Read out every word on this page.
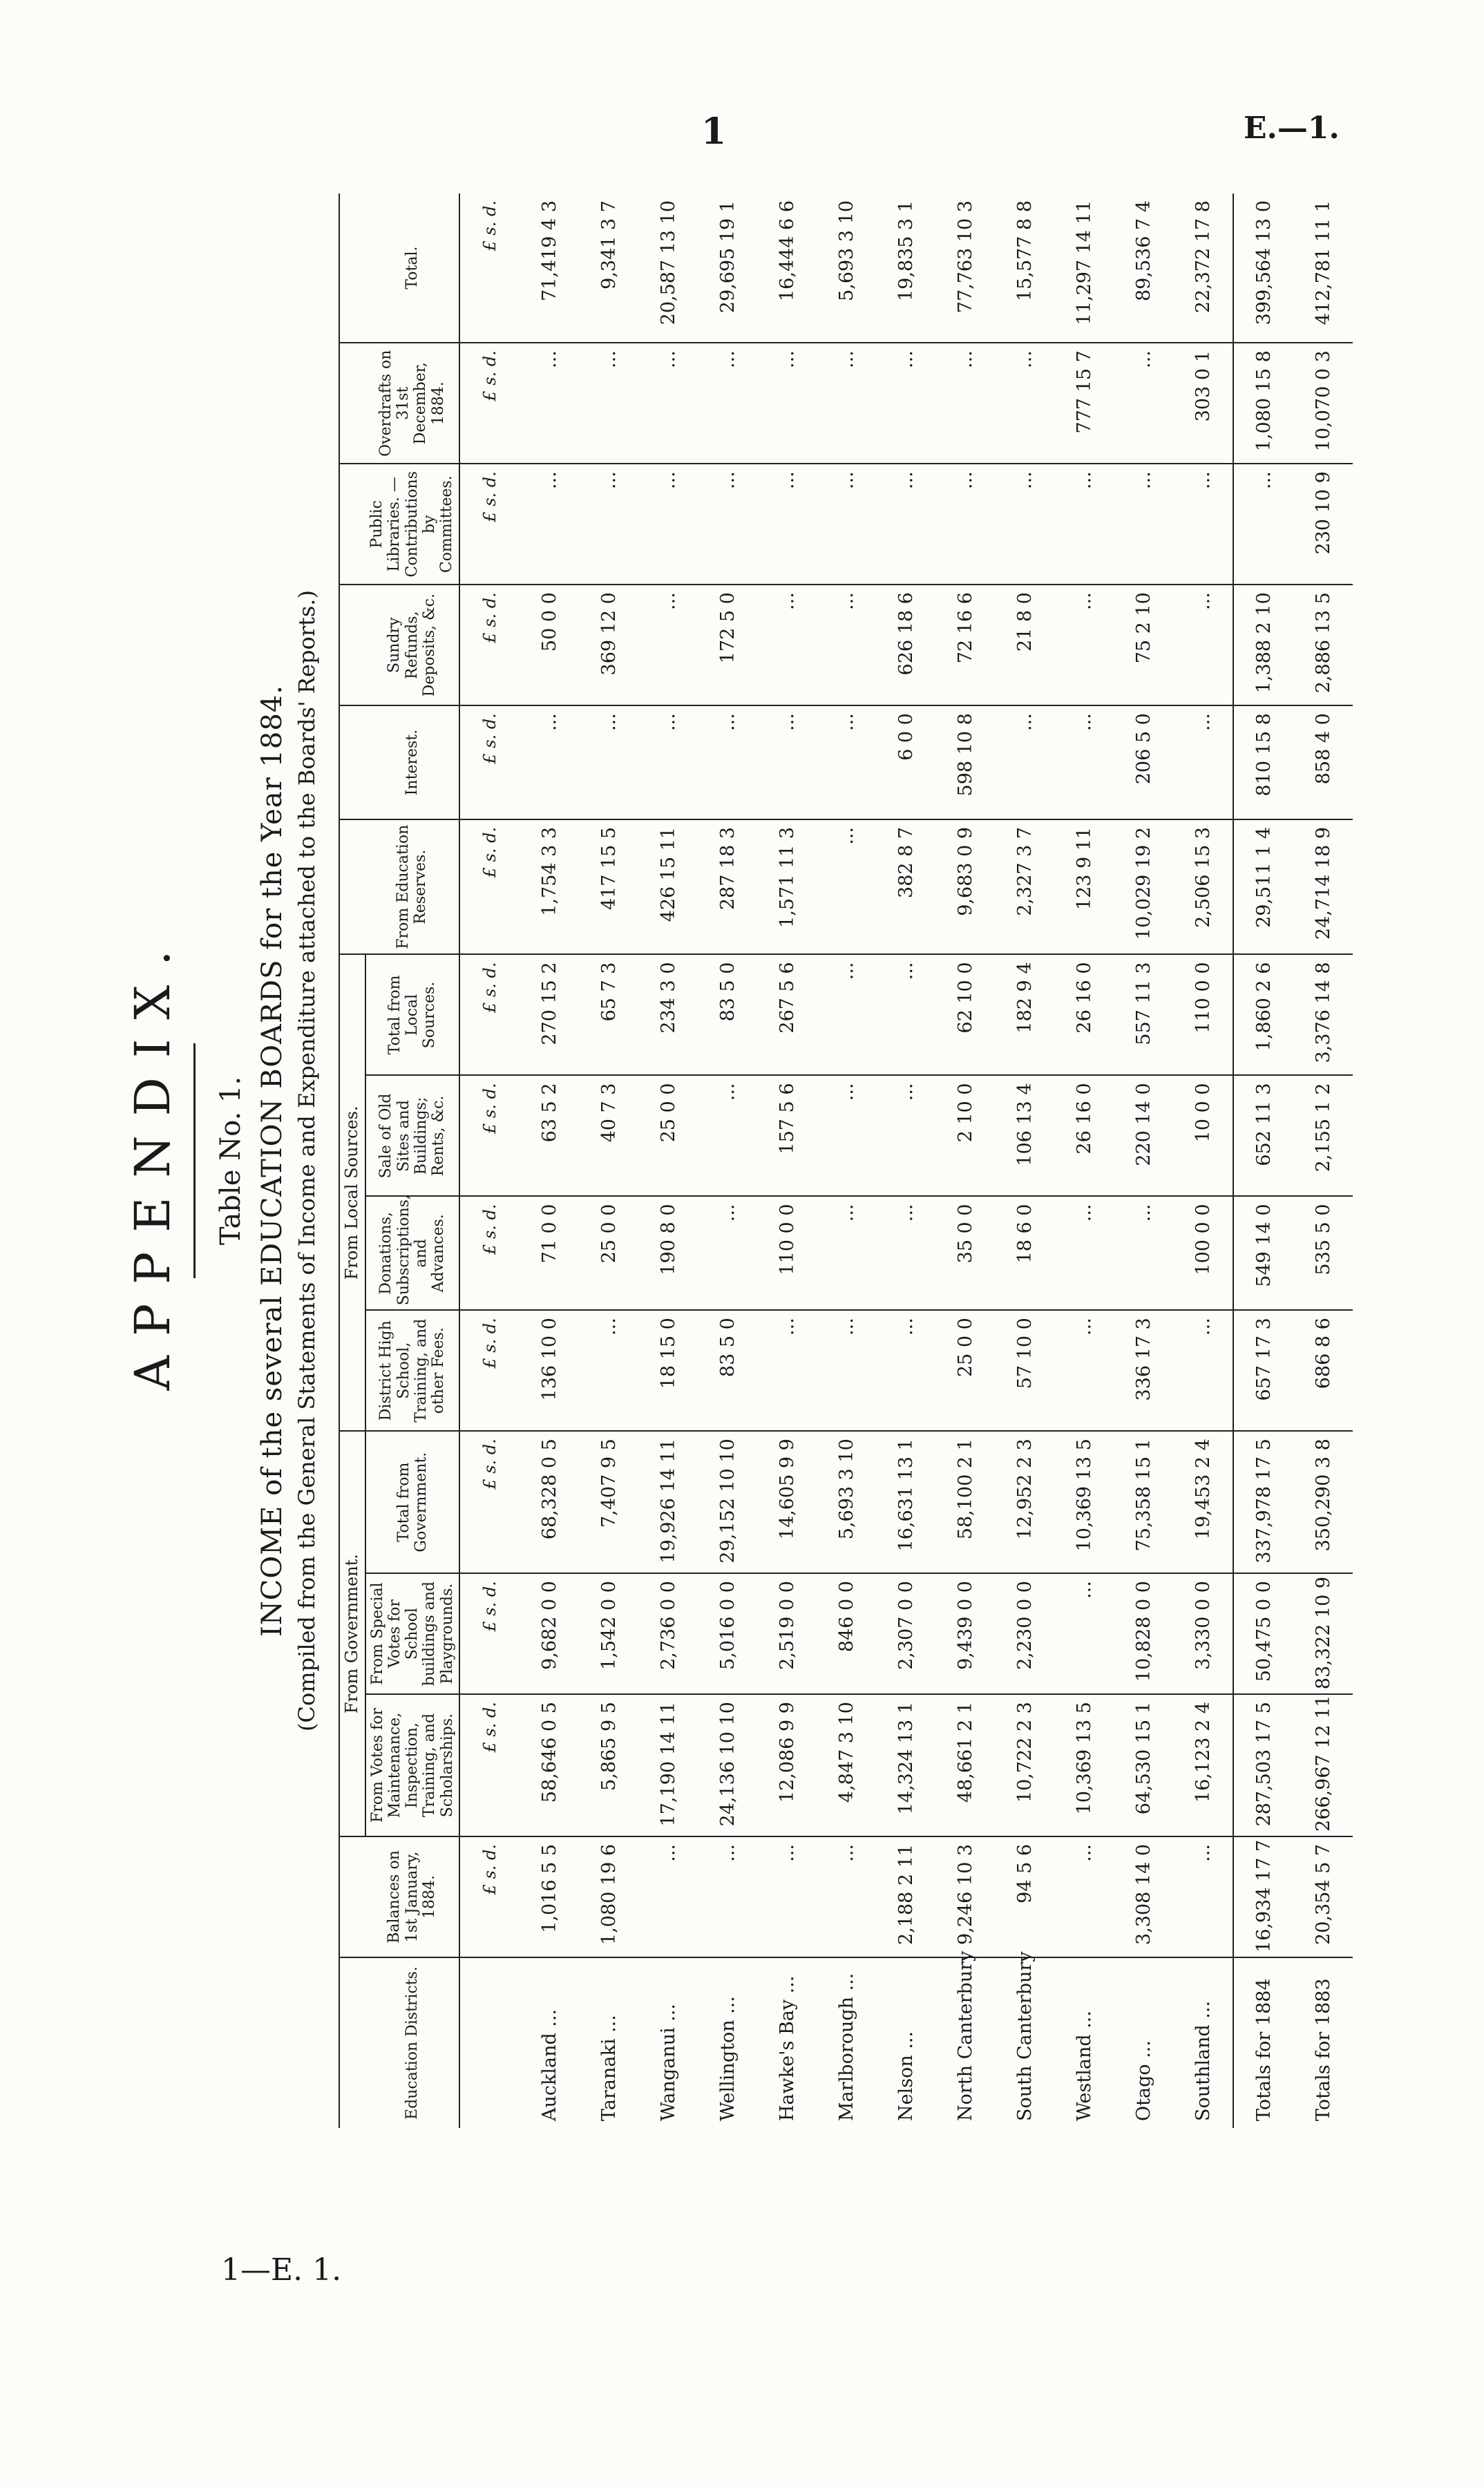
1	E.—1.
1—E. 1.
APPENDIX. Table No. 1. INCOME of the several EDUCATION BOARDS for the Year 1884. (Compiled from the General Statements of Income and Expenditure attached to the Boards' Reports.)
		From Government.			From Local Sources.									
Education Districts.	Balances on 1st January, 1884.	From Votes for Maintenance, Inspection, Training, and Scholarships.	From Special Votes for School buildings and Playgrounds.	Total from Government.	District High School, Training, and other Fees.	Donations, Subscriptions, and Advances.	Sale of Old Sites and Buildings; Rents, &c.	Total from Local Sources.	From Education Reserves.	Interest.	Sundry Refunds, Deposits, &c.	Public Libraries. — Contributions by Committees.	Overdrafts on 31st December, 1884.	Total.
	£ s. d.	£ s. d.	£ s. d.	£ s. d.	£ s. d.	£ s. d.	£ s. d.	£ s. d.	£ s. d.	£ s. d.	£ s. d.	£ s. d.	£ s. d.	£ s. d.
Auckland ...	1,016 5 5	58,646 0 5	9,682 0 0	68,328 0 5	136 10 0	71 0 0	63 5 2	270 15 2	1,754 3 3	...	50 0 0	...	...	71,419 4 3
Taranaki ...	1,080 19 6	5,865 9 5	1,542 0 0	7,407 9 5	...	25 0 0	40 7 3	65 7 3	417 15 5	...	369 12 0	...	...	9,341 3 7
Wanganui ...	...	17,190 14 11	2,736 0 0	19,926 14 11	18 15 0	190 8 0	25 0 0	234 3 0	426 15 11	...	...	...	...	20,587 13 10
Wellington ...	...	24,136 10 10	5,016 0 0	29,152 10 10	83 5 0	...	...	83 5 0	287 18 3	...	172 5 0	...	...	29,695 19 1
Hawke's Bay ...	...	12,086 9 9	2,519 0 0	14,605 9 9	...	110 0 0	157 5 6	267 5 6	1,571 11 3	...	...	...	...	16,444 6 6
Marlborough ...	...	4,847 3 10	846 0 0	5,693 3 10	...	...	...	...	...	...	...	...	...	5,693 3 10
Nelson ...	2,188 2 11	14,324 13 1	2,307 0 0	16,631 13 1	...	...	...	...	382 8 7	6 0 0	626 18 6	...	...	19,835 3 1
North Canterbury	9,246 10 3	48,661 2 1	9,439 0 0	58,100 2 1	25 0 0	35 0 0	2 10 0	62 10 0	9,683 0 9	598 10 8	72 16 6	...	...	77,763 10 3
South Canterbury	94 5 6	10,722 2 3	2,230 0 0	12,952 2 3	57 10 0	18 6 0	106 13 4	182 9 4	2,327 3 7	...	21 8 0	...	...	15,577 8 8
Westland ...	...	10,369 13 5	...	10,369 13 5	...	...	26 16 0	26 16 0	123 9 11	...	...	...	777 15 7	11,297 14 11
Otago ...	3,308 14 0	64,530 15 1	10,828 0 0	75,358 15 1	336 17 3	...	220 14 0	557 11 3	10,029 19 2	206 5 0	75 2 10	...	...	89,536 7 4
Southland ...	...	16,123 2 4	3,330 0 0	19,453 2 4	...	100 0 0	10 0 0	110 0 0	2,506 15 3	...	...	...	303 0 1	22,372 17 8
Totals for 1884	16,934 17 7	287,503 17 5	50,475 0 0	337,978 17 5	657 17 3	549 14 0	652 11 3	1,860 2 6	29,511 1 4	810 15 8	1,388 2 10	...	1,080 15 8	399,564 13 0
Totals for 1883	20,354 5 7	266,967 12 11	83,322 10 9	350,290 3 8	686 8 6	535 5 0	2,155 1 2	3,376 14 8	24,714 18 9	858 4 0	2,886 13 5	230 10 9	10,070 0 3	412,781 11 1
